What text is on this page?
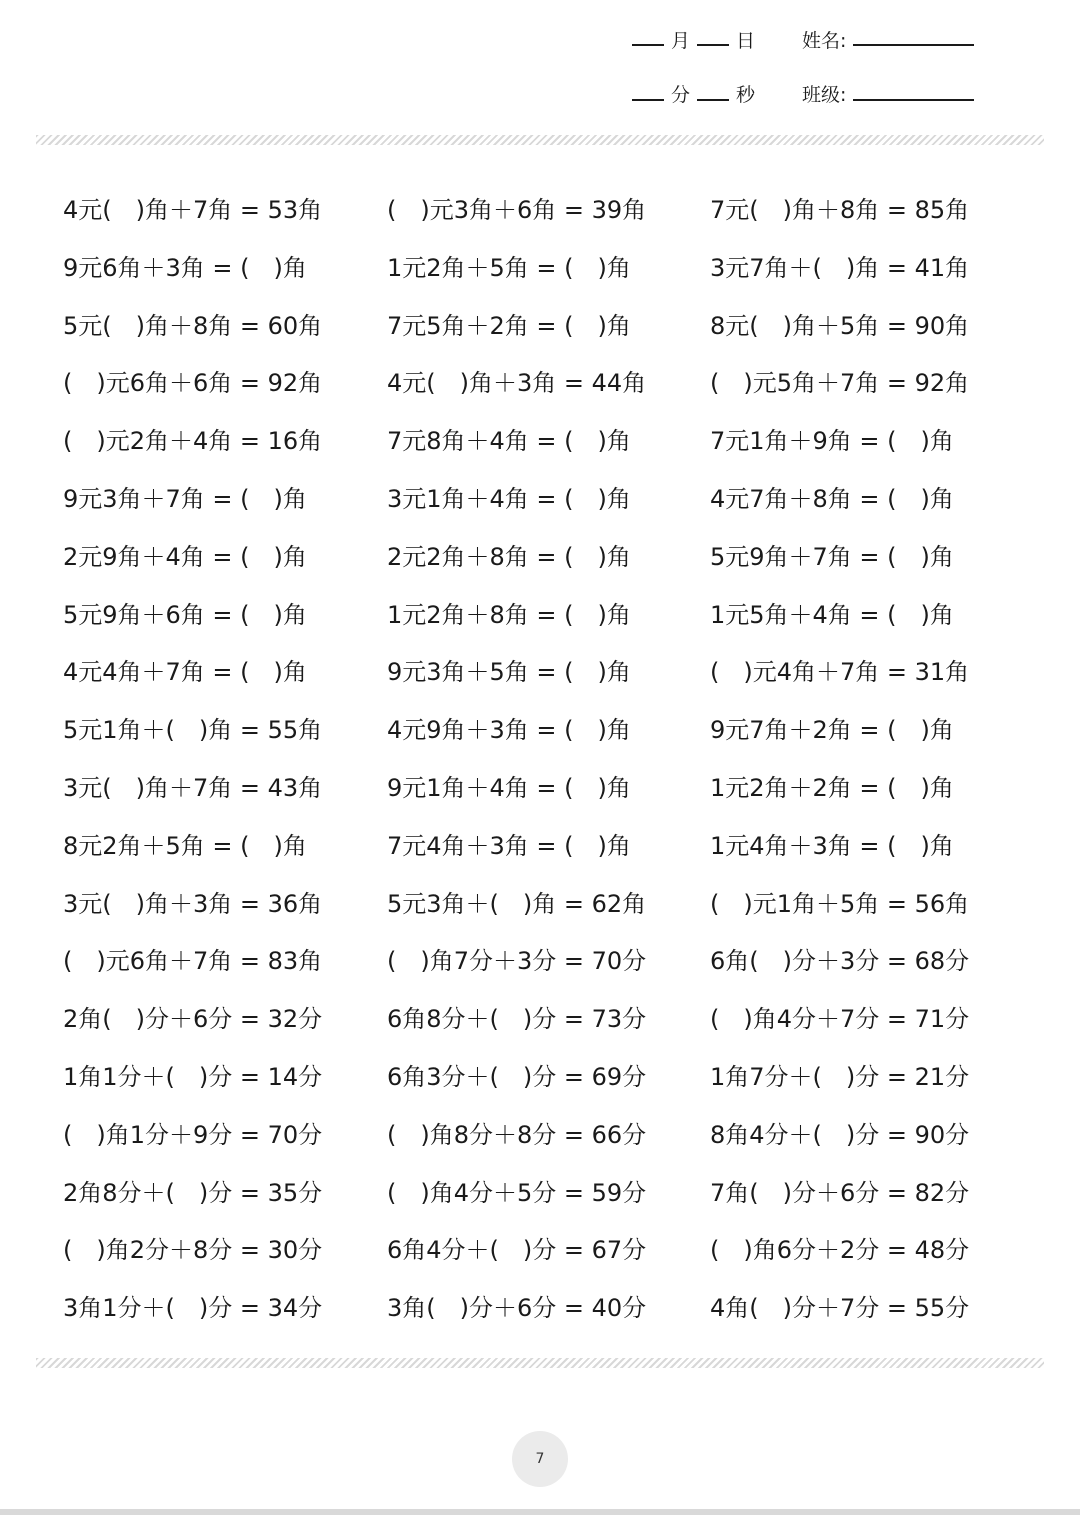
月 日 姓名:
分 秒 班级:
4元(　)角＋7角 = 53角	(　)元3角＋6角 = 39角	7元(　)角＋8角 = 85角
9元6角＋3角 = (　)角	1元2角＋5角 = (　)角	3元7角＋(　)角 = 41角
5元(　)角＋8角 = 60角	7元5角＋2角 = (　)角	8元(　)角＋5角 = 90角
(　)元6角＋6角 = 92角	4元(　)角＋3角 = 44角	(　)元5角＋7角 = 92角
(　)元2角＋4角 = 16角	7元8角＋4角 = (　)角	7元1角＋9角 = (　)角
9元3角＋7角 = (　)角	3元1角＋4角 = (　)角	4元7角＋8角 = (　)角
2元9角＋4角 = (　)角	2元2角＋8角 = (　)角	5元9角＋7角 = (　)角
5元9角＋6角 = (　)角	1元2角＋8角 = (　)角	1元5角＋4角 = (　)角
4元4角＋7角 = (　)角	9元3角＋5角 = (　)角	(　)元4角＋7角 = 31角
5元1角＋(　)角 = 55角	4元9角＋3角 = (　)角	9元7角＋2角 = (　)角
3元(　)角＋7角 = 43角	9元1角＋4角 = (　)角	1元2角＋2角 = (　)角
8元2角＋5角 = (　)角	7元4角＋3角 = (　)角	1元4角＋3角 = (　)角
3元(　)角＋3角 = 36角	5元3角＋(　)角 = 62角	(　)元1角＋5角 = 56角
(　)元6角＋7角 = 83角	(　)角7分＋3分 = 70分	6角(　)分＋3分 = 68分
2角(　)分＋6分 = 32分	6角8分＋(　)分 = 73分	(　)角4分＋7分 = 71分
1角1分＋(　)分 = 14分	6角3分＋(　)分 = 69分	1角7分＋(　)分 = 21分
(　)角1分＋9分 = 70分	(　)角8分＋8分 = 66分	8角4分＋(　)分 = 90分
2角8分＋(　)分 = 35分	(　)角4分＋5分 = 59分	7角(　)分＋6分 = 82分
(　)角2分＋8分 = 30分	6角4分＋(　)分 = 67分	(　)角6分＋2分 = 48分
3角1分＋(　)分 = 34分	3角(　)分＋6分 = 40分	4角(　)分＋7分 = 55分
7
